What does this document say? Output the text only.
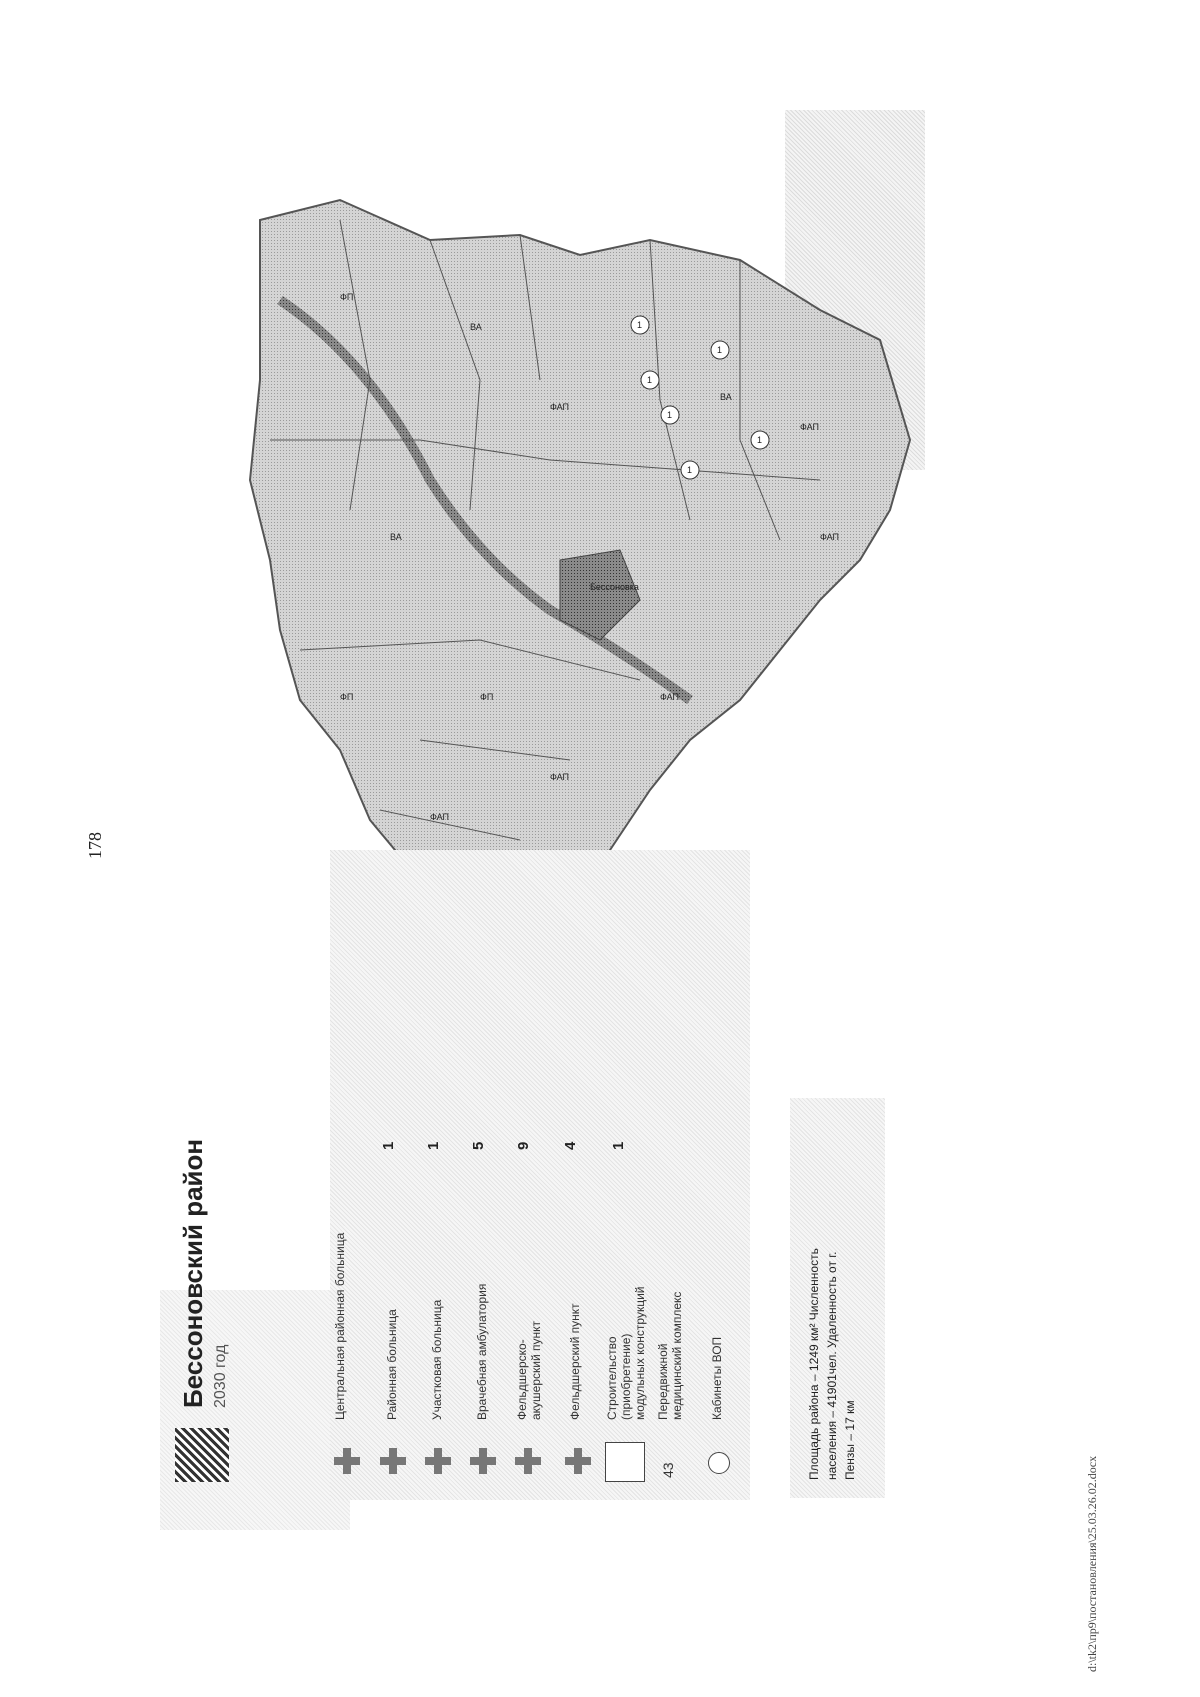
178
Бессоновка
ФП
ВА
ФАП
ВА
ФАП
ФАП
ВА
ФП
ФАП
ФАП
ФП	ФАП
1
1
1
1
1
1
Бессоновский район 2030 год	Центральная районная больница	Районная больница
1
Участковая больница
1
Врачебная амбулатория
5
Фельдшерско-акушерский пункт
9
Фельдшерский пункт
4
Строительство (приобретение) модульных конструкций
1
43
Передвижной медицинский комплекс Кабинеты ВОП	Площадь района – 1249 км² Численность населения – 41901чел. Удаленность от г. Пензы – 17 км
d:\tk2\пр9\постановления\25.03.26.02.docx
